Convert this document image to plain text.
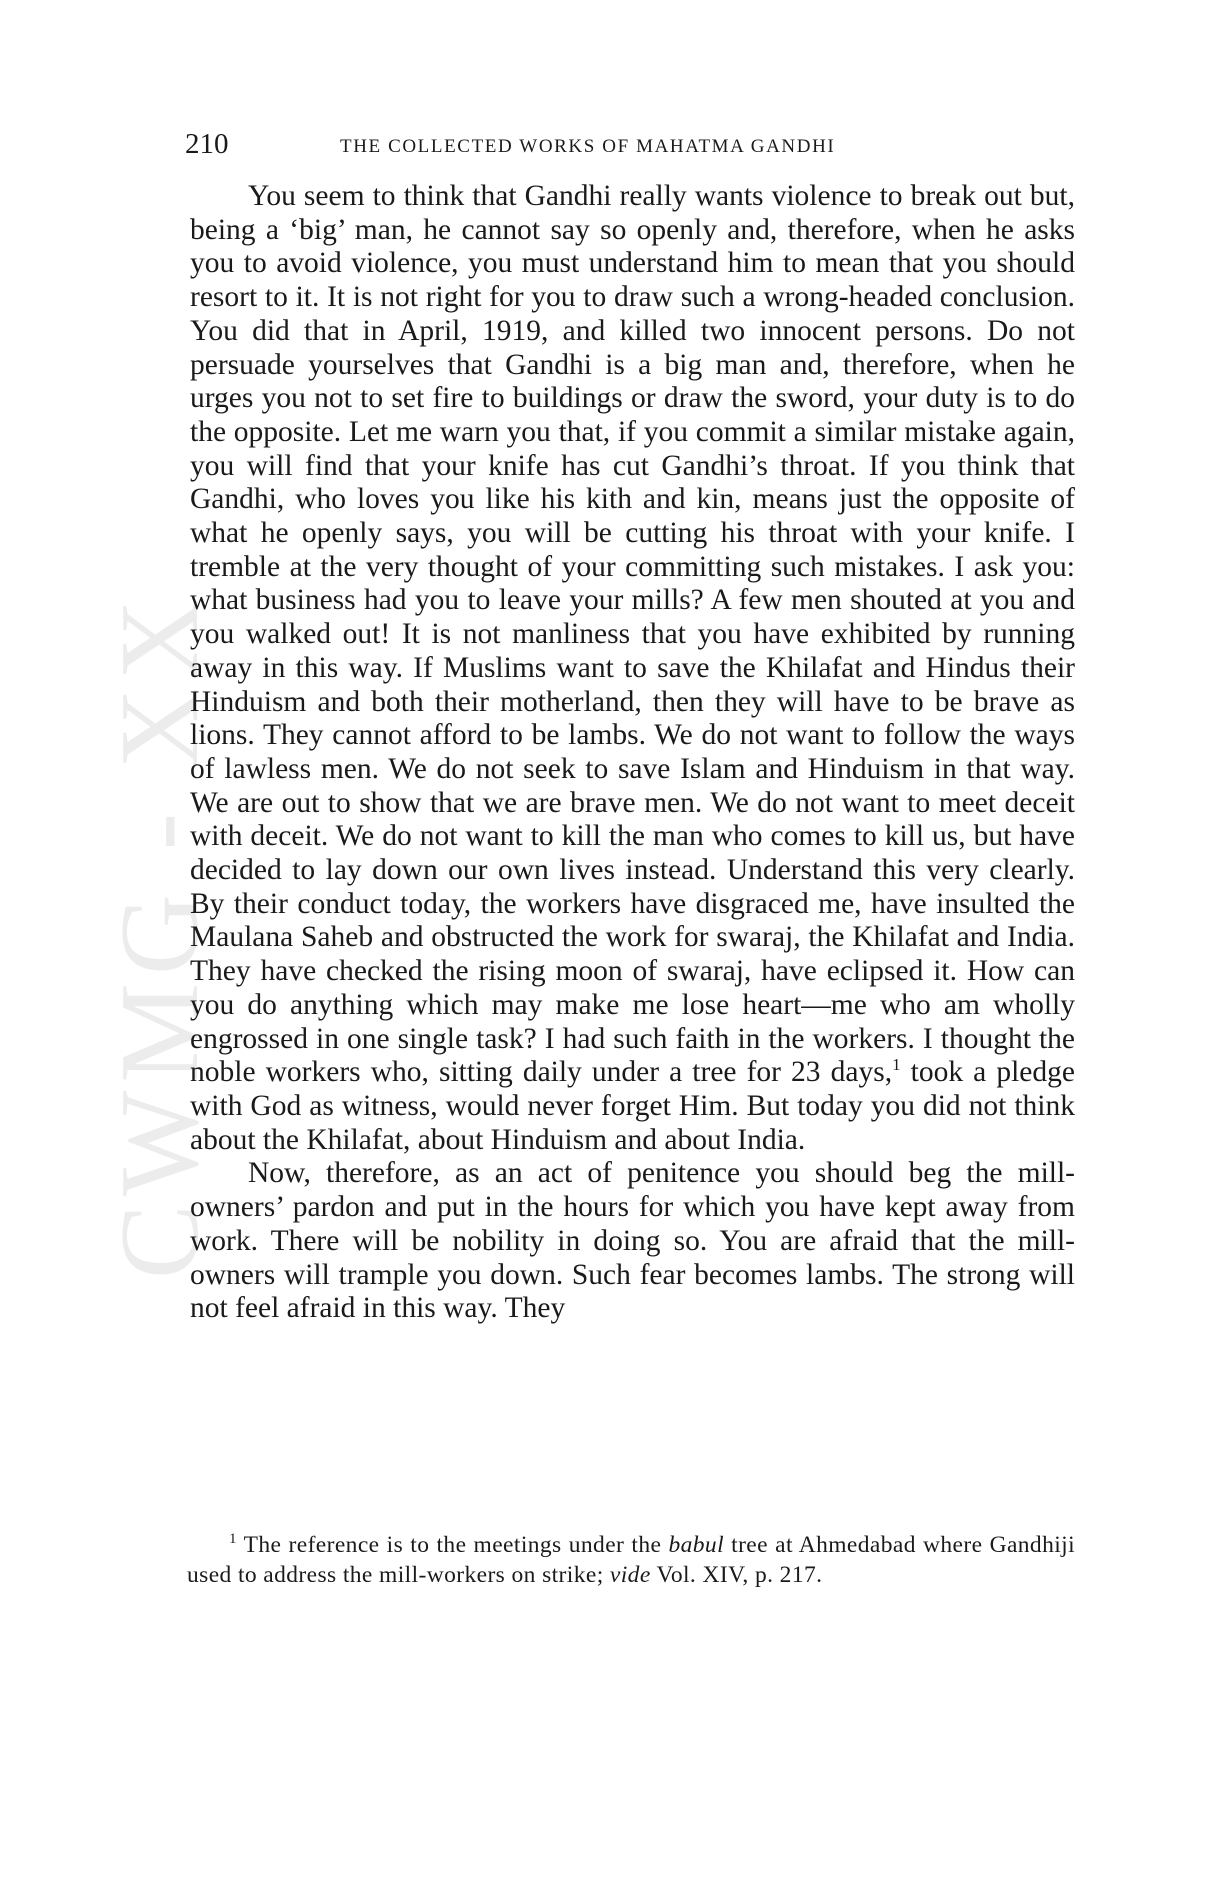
CWMG - XX
210	THE COLLECTED WORKS OF MAHATMA GANDHI

You seem to think that Gandhi really wants violence to break out but, being a ‘big’ man, he cannot say so openly and, therefore, when he asks you to avoid violence, you must understand him to mean that you should resort to it. It is not right for you to draw such a wrong-headed conclusion. You did that in April, 1919, and killed two innocent persons. Do not persuade yourselves that Gandhi is a big man and, therefore, when he urges you not to set fire to buildings or draw the sword, your duty is to do the opposite. Let me warn you that, if you commit a similar mistake again, you will find that your knife has cut Gandhi’s throat. If you think that Gandhi, who loves you like his kith and kin, means just the opposite of what he openly says, you will be cutting his throat with your knife. I tremble at the very thought of your committing such mistakes. I ask you: what business had you to leave your mills? A few men shouted at you and you walked out! It is not manliness that you have exhibited by running away in this way. If Muslims want to save the Khilafat and Hindus their Hinduism and both their motherland, then they will have to be brave as lions. They cannot afford to be lambs. We do not want to follow the ways of lawless men. We do not seek to save Islam and Hinduism in that way. We are out to show that we are brave men. We do not want to meet deceit with deceit. We do not want to kill the man who comes to kill us, but have decided to lay down our own lives instead. Understand this very clearly. By their conduct today, the workers have disgraced me, have insulted the Maulana Saheb and obstructed the work for swaraj, the Khilafat and India. They have checked the rising moon of swaraj, have eclipsed it. How can you do anything which may make me lose heart—me who am wholly engrossed in one single task? I had such faith in the workers. I thought the noble workers who, sitting daily under a tree for 23 days,$^1$ took a pledge with God as witness, would never forget Him. But today you did not think about the Khilafat, about Hinduism and about India.

Now, therefore, as an act of penitence you should beg the mill-owners’ pardon and put in the hours for which you have kept away from work. There will be nobility in doing so. You are afraid that the mill-owners will trample you down. Such fear becomes lambs. The strong will not feel afraid in this way. They

$^1$ The reference is to the meetings under the babul tree at Ahmedabad where Gandhiji used to address the mill-workers on strike; vide Vol. XIV, p. 217.
